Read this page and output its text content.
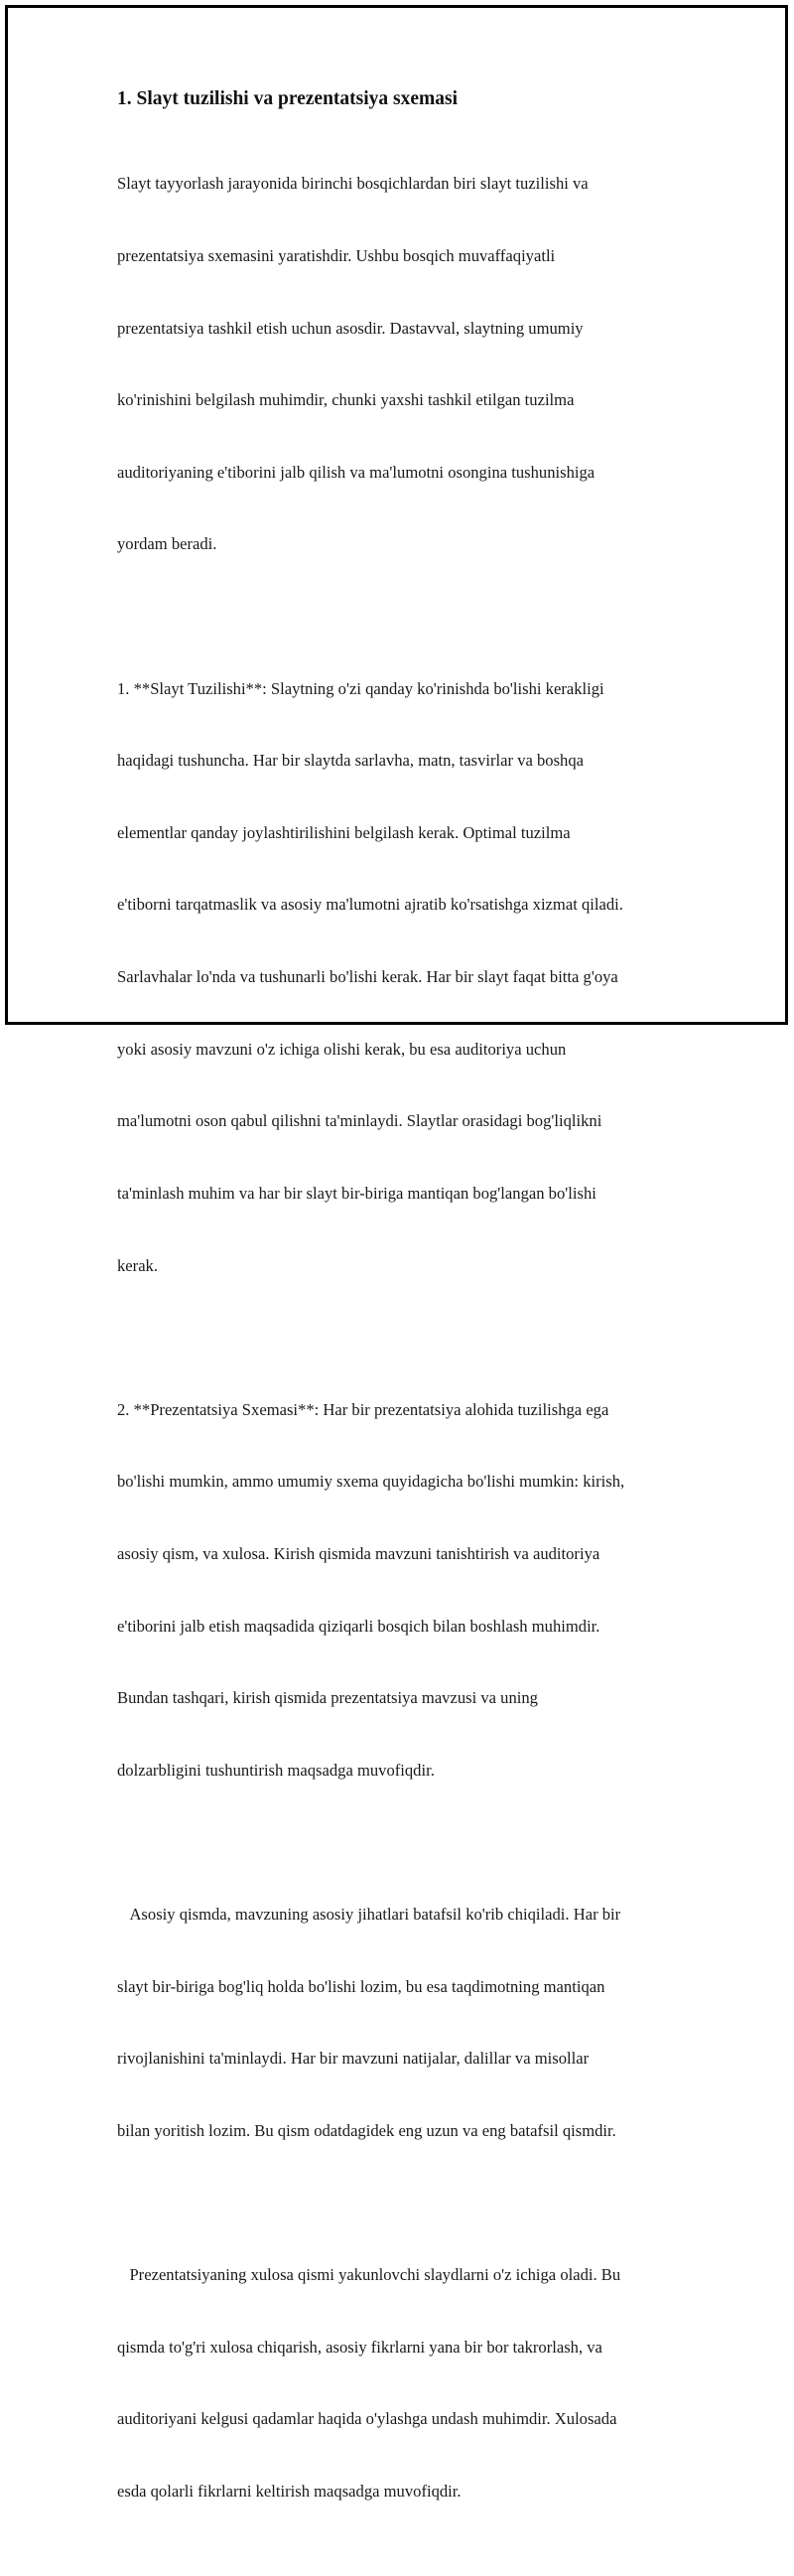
1. Slayt tuzilishi va prezentatsiya sxemasi

Slayt tayyorlash jarayonida birinchi bosqichlardan biri slayt tuzilishi va

prezentatsiya sxemasini yaratishdir. Ushbu bosqich muvaffaqiyatli

prezentatsiya tashkil etish uchun asosdir. Dastavval, slaytning umumiy

ko'rinishini belgilash muhimdir, chunki yaxshi tashkil etilgan tuzilma

auditoriyaning e'tiborini jalb qilish va ma'lumotni osongina tushunishiga

yordam beradi.

1. **Slayt Tuzilishi**: Slaytning o'zi qanday ko'rinishda bo'lishi kerakligi

haqidagi tushuncha. Har bir slaytda sarlavha, matn, tasvirlar va boshqa

elementlar qanday joylashtirilishini belgilash kerak. Optimal tuzilma

e'tiborni tarqatmaslik va asosiy ma'lumotni ajratib ko'rsatishga xizmat qiladi.

Sarlavhalar lo'nda va tushunarli bo'lishi kerak. Har bir slayt faqat bitta g'oya

yoki asosiy mavzuni o'z ichiga olishi kerak, bu esa auditoriya uchun

ma'lumotni oson qabul qilishni ta'minlaydi. Slaytlar orasidagi bog'liqlikni

ta'minlash muhim va har bir slayt bir-biriga mantiqan bog'langan bo'lishi

kerak.

2. **Prezentatsiya Sxemasi**: Har bir prezentatsiya alohida tuzilishga ega

bo'lishi mumkin, ammo umumiy sxema quyidagicha bo'lishi mumkin: kirish,

asosiy qism, va xulosa. Kirish qismida mavzuni tanishtirish va auditoriya

e'tiborini jalb etish maqsadida qiziqarli bosqich bilan boshlash muhimdir.

Bundan tashqari, kirish qismida prezentatsiya mavzusi va uning

dolzarbligini tushuntirish maqsadga muvofiqdir.

Asosiy qismda, mavzuning asosiy jihatlari batafsil ko'rib chiqiladi. Har bir

slayt bir-biriga bog'liq holda bo'lishi lozim, bu esa taqdimotning mantiqan

rivojlanishini ta'minlaydi. Har bir mavzuni natijalar, dalillar va misollar

bilan yoritish lozim. Bu qism odatdagidek eng uzun va eng batafsil qismdir.

Prezentatsiyaning xulosa qismi yakunlovchi slaydlarni o'z ichiga oladi. Bu

qismda to'g'ri xulosa chiqarish, asosiy fikrlarni yana bir bor takrorlash, va

auditoriyani kelgusi qadamlar haqida o'ylashga undash muhimdir. Xulosada

esda qolarli fikrlarni keltirish maqsadga muvofiqdir.
